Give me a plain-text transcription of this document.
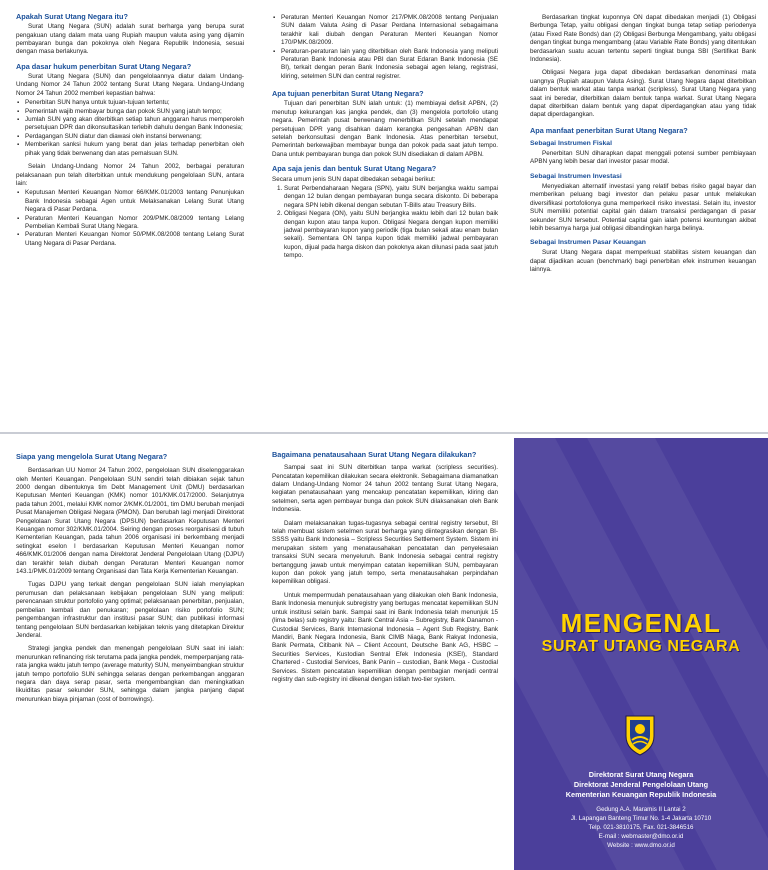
Apakah Surat Utang Negara itu?
Surat Utang Negara (SUN) adalah surat berharga yang berupa surat pengakuan utang dalam mata uang Rupiah maupun valuta asing yang dijamin pembayaran bunga dan pokoknya oleh Negara Republik Indonesia, sesuai dengan masa berlakunya.
Apa dasar hukum penerbitan Surat Utang Negara?
Surat Utang Negara (SUN) dan pengelolaannya diatur dalam Undang-Undang Nomor 24 Tahun 2002 tentang Surat Utang Negara. Undang-Undang Nomor 24 Tahun 2002 memberi kepastian bahwa:
▪ Penerbitan SUN hanya untuk tujuan-tujuan tertentu;
▪ Pemerintah wajib membayar bunga dan pokok SUN yang jatuh tempo;
▪ Jumlah SUN yang akan diterbitkan setiap tahun anggaran harus memperoleh persetujuan DPR dan dikonsultasikan terlebih dahulu dengan Bank Indonesia;
▪ Perdagangan SUN diatur dan diawasi oleh instansi berwenang;
▪ Memberikan sanksi hukum yang berat dan jelas terhadap penerbitan oleh pihak yang tidak berwenang dan atas pemalsuan SUN.
Selain Undang-Undang Nomor 24 Tahun 2002, berbagai peraturan pelaksanaan pun telah diterbitkan untuk mendukung pengelolaan SUN, antara lain:
▪ Keputusan Menteri Keuangan Nomor 66/KMK.01/2003 tentang Penunjukan Bank Indonesia sebagai Agen untuk Melaksanakan Lelang Surat Utang Negara di Pasar Perdana.
▪ Peraturan Menteri Keuangan Nomor 209/PMK.08/2009 tentang Lelang Pembelian Kembali Surat Utang Negara.
▪ Peraturan Menteri Keuangan Nomor 50/PMK.08/2008 tentang Lelang Surat Utang Negara di Pasar Perdana.
▪ Peraturan Menteri Keuangan Nomor 217/PMK.08/2008 tentang Penjualan SUN dalam Valuta Asing di Pasar Perdana Internasional sebagaimana terakhir kali diubah dengan Peraturan Menteri Keuangan Nomor 170/PMK.08/2009.
▪ Peraturan-peraturan lain yang diterbitkan oleh Bank Indonesia yang meliputi Peraturan Bank Indonesia atau PBI dan Surat Edaran Bank Indonesia (SE BI), terkait dengan peran Bank Indonesia sebagai agen lelang, registrasi, kliring, setelmen SUN dan central registrer.
Apa tujuan penerbitan Surat Utang Negara?
Tujuan dari penerbitan SUN ialah untuk: (1) membiayai defisit APBN, (2) menutup kekurangan kas jangka pendek, dan (3) mengelola portofolio utang negara. Pemerintah pusat berwenang menerbitkan SUN setelah mendapat persetujuan DPR yang disahkan dalam kerangka pengesahan APBN dan setelah berkonsultasi dengan Bank Indonesia. Atas penerbitan tersebut, Pemerintah berkewajiban membayar bunga dan pokok pada saat jatuh tempo. Dana untuk pembayaran bunga dan pokok SUN disediakan di dalam APBN.
Apa saja jenis dan bentuk Surat Utang Negara?
Secara umum jenis SUN dapat dibedakan sebagai berikut:
1. Surat Perbendaharaan Negara (SPN), yaitu SUN berjangka waktu sampai dengan 12 bulan dengan pembayaran bunga secara diskonto. Di beberapa negara SPN lebih dikenal dengan sebutan T-Bills atau Treasury Bills.
2. Obligasi Negara (ON), yaitu SUN berjangka waktu lebih dari 12 bulan baik dengan kupon atau tanpa kupon. Obligasi Negara dengan kupon memiliki jadwal pembayaran kupon yang periodik (tiga bulan sekali atau enam bulan sekali). Sementara ON tanpa kupon tidak memiliki jadwal pembayaran kupon, dijual pada harga diskon dan pokoknya akan dilunasi pada saat jatuh tempo.
Berdasarkan tingkat kuponnya ON dapat dibedakan menjadi (1) Obligasi Berbunga Tetap, yaitu obligasi dengan tingkat bunga tetap setiap periodenya (atau Fixed Rate Bonds) dan (2) Obligasi Berbunga Mengambang, yaitu obligasi dengan tingkat bunga mengambang (atau Variable Rate Bonds) yang ditentukan berdasarkan suatu acuan tertentu seperti tingkat bunga SBI (Sertifikat Bank Indonesia).
Obligasi Negara juga dapat dibedakan berdasarkan denominasi mata uangnya (Rupiah ataupun Valuta Asing). Surat Utang Negara dapat diterbitkan dalam bentuk warkat atau tanpa warkat (scripless). Surat Utang Negara yang saat ini beredar, diterbitkan dalam bentuk tanpa warkat. Surat Utang Negara dapat diterbitkan dalam bentuk yang dapat diperdagangkan atau yang tidak dapat diperdagangkan.
Apa manfaat penerbitan Surat Utang Negara?
Sebagai Instrumen Fiskal
Penerbitan SUN diharapkan dapat menggali potensi sumber pembiayaan APBN yang lebih besar dari investor pasar modal.
Sebagai Instrumen Investasi
Menyediakan alternatif investasi yang relatif bebas risiko gagal bayar dan memberikan peluang bagi investor dan pelaku pasar untuk melakukan diversifikasi portofolionya guna memperkecil risiko investasi. Selain itu, investor SUN memiliki potential capital gain dalam transaksi perdagangan di pasar sekunder SUN tersebut. Potential capital gain ialah potensi keuntungan akibat lebih besarnya harga jual obligasi dibandingkan harga belinya.
Sebagai Instrumen Pasar Keuangan
Surat Utang Negara dapat memperkuat stabilitas sistem keuangan dan dapat dijadikan acuan (benchmark) bagi penerbitan efek instrumen keuangan lainnya.
Siapa yang mengelola Surat Utang Negara?
Berdasarkan UU Nomor 24 Tahun 2002, pengelolaan SUN diselenggarakan oleh Menteri Keuangan. Pengelolaan SUN sendiri telah dibiakan sejak tahun 2000 dengan dibentuknya tim Debt Management Unit (DMU) berdasarkan Keputusan Menteri Keuangan (KMK) nomor 101/KMK.017/2000. Selanjutnya pada tahun 2001, melalui KMK nomor 2/KMK.01/2001, tim DMU berubah menjadi Pusat Manajemen Obligasi Negara (PMON). Dan berubah lagi menjadi Direktorat Pengelolaan Surat Utang Negara (DPSUN) berdasarkan Keputusan Menteri Keuangan nomor 302/KMK.01/2004. Seiring dengan proses reorganisasi di tubuh Kementerian Keuangan, pada tahun 2006 organisasi ini berkembang menjadi setingkat eselon I berdasarkan Keputusan Menteri Keuangan nomor 466/KMK.01/2006 dengan nama Direktorat Jenderal Pengelolaan Utang (DJPU) dan terakhir telah diubah dengan Peraturan Menteri Keuangan nomor 143.1/PMK.01/2009 tentang Organisasi dan Tata Kerja Kementerian Keuangan.
Tugas DJPU yang terkait dengan pengelolaan SUN ialah menyiapkan perumusan dan pelaksanaan kebijakan pengelolaan SUN yang meliputi: perencanaan struktur portofolio yang optimal; pelaksanaan penerbitan, penjualan, pembelian kembali dan penukaran; pengelolaan risiko portofolio SUN; pengembangan infrastruktur dan institusi pasar SUN; dan publikasi informasi tentang pengelolaan SUN berdasarkan kebijakan teknis yang ditetapkan Direktur Jenderal.
Strategi jangka pendek dan menengah pengelolaan SUN saat ini ialah: menurunkan refinancing risk terutama pada jangka pendek, memperpanjang rata-rata jangka waktu jatuh tempo (average maturity) SUN, menyeimbangkan struktur jatuh tempo portofolio SUN sehingga selaras dengan perkembangan anggaran negara dan daya serap pasar, serta mengembangkan dan meningkatkan likuiditas pasar sekunder SUN, sehingga dalam jangka panjang dapat menurunkan biaya pinjaman (cost of borrowings).
Bagaimana penatausahaan Surat Utang Negara dilakukan?
Sampai saat ini SUN diterbitkan tanpa warkat (scripless securities). Pencatatan kepemilikan dilakukan secara elektronik. Sebagaimana diamanatkan dalam Undang-Undang Nomor 24 tahun 2002 tentang Surat Utang Negara, kegiatan penatausahaan yang mencakup pencatatan kepemilikan, kliring dan setelmen, serta agen pembayar bunga dan pokok SUN dilaksanakan oleh Bank Indonesia.
Dalam melaksanakan tugas-tugasnya sebagai central registry tersebut, BI telah membuat sistem setelmen surat berharga yang diintegrasikan dengan BI-SSSS yaitu Bank Indonesia – Scripless Securities Settlement System. Sistem ini merupakan sistem yang menatausahakan pencatatan dan penyelesaian transaksi SUN secara menyeluruh. Bank Indonesia sebagai central registry bertanggung jawab untuk menyimpan catatan kepemilikan SUN, pembayaran kupon dan pokok yang jatuh tempo, serta menatausahakan perpindahan kepemilikan obligasi.
Untuk mempermudah penatausahaan yang dilakukan oleh Bank Indonesia, Bank Indonesia menunjuk subregistry yang bertugas mencatat kepemilikan SUN untuk institusi selain bank. Sampai saat ini Bank Indonesia telah menunjuk 15 (lima belas) sub registry yaitu: Bank Central Asia – Subregistry, Bank Danamon - Custodial Services, Bank Internasional Indonesia – Agent Sub Registry, Bank Mandiri, Bank Negara Indonesia, Bank CIMB Niaga, Bank Rakyat Indonesia, Bank Permata, Citibank NA – Client Account, Deutsche Bank AG, HSBC – Securities Services, Kustodian Sentral Efek Indonesia (KSEI), Standard Chartered - Custodial Services, Bank Panin – custodian, Bank Mega - Custodial Services. Sistem pencatatan kepemilikan dengan pembagian menjadi central registry dan sub-registry ini dikenal dengan istilah two-tier system.
MENGENAL
SURAT UTANG NEGARA
Direktorat Surat Utang Negara
Direktorat Jenderal Pengelolaan Utang
Kementerian Keuangan Republik Indonesia
Gedung A.A. Maramis II Lantai 2
Jl. Lapangan Banteng Timur No. 1-4 Jakarta 10710
Telp. 021-3810175, Fax. 021-3846516
E-mail : webmaster@dmo.or.id
Website : www.dmo.or.id
